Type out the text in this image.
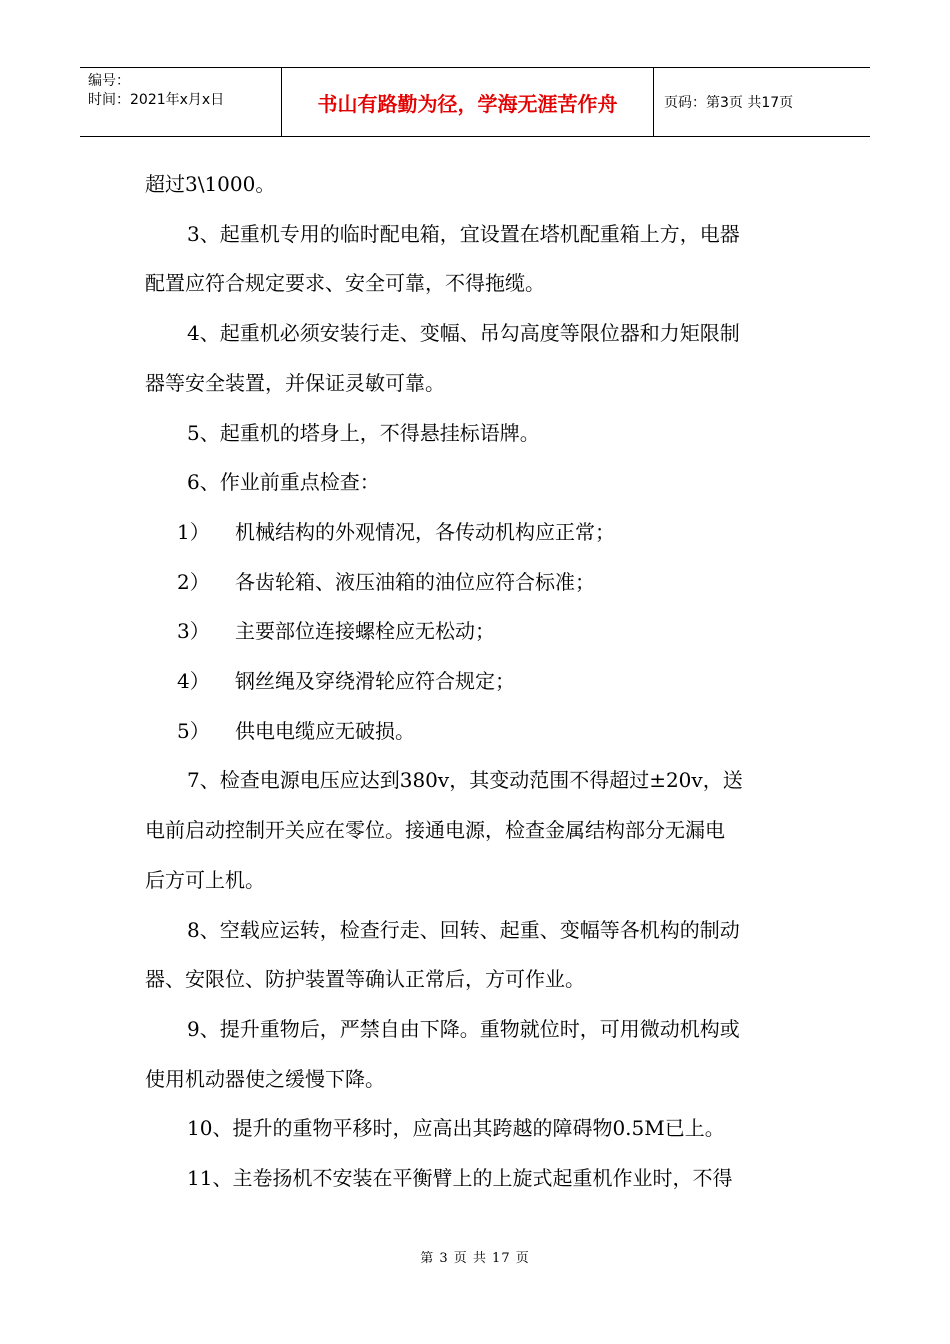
编号：
时间：2021年x月x日	书山有路勤为径，学海无涯苦作舟	页码：第3页 共17页
超过3\1000。
3、起重机专用的临时配电箱，宜设置在塔机配重箱上方，电器
配置应符合规定要求、安全可靠，不得拖缆。
4、起重机必须安装行走、变幅、吊勾高度等限位器和力矩限制
器等安全装置，并保证灵敏可靠。
5、起重机的塔身上，不得悬挂标语牌。
6、作业前重点检查：
1） 机械结构的外观情况，各传动机构应正常；
2） 各齿轮箱、液压油箱的油位应符合标准；
3） 主要部位连接螺栓应无松动；
4） 钢丝绳及穿绕滑轮应符合规定；
5） 供电电缆应无破损。
7、检查电源电压应达到380v，其变动范围不得超过±20v，送
电前启动控制开关应在零位。接通电源，检查金属结构部分无漏电
后方可上机。
8、空载应运转，检查行走、回转、起重、变幅等各机构的制动
器、安限位、防护装置等确认正常后，方可作业。
9、提升重物后，严禁自由下降。重物就位时，可用微动机构或
使用机动器使之缓慢下降。
10、提升的重物平移时，应高出其跨越的障碍物0.5M已上。
11、主卷扬机不安装在平衡臂上的上旋式起重机作业时，不得
第 3 页 共 17 页
